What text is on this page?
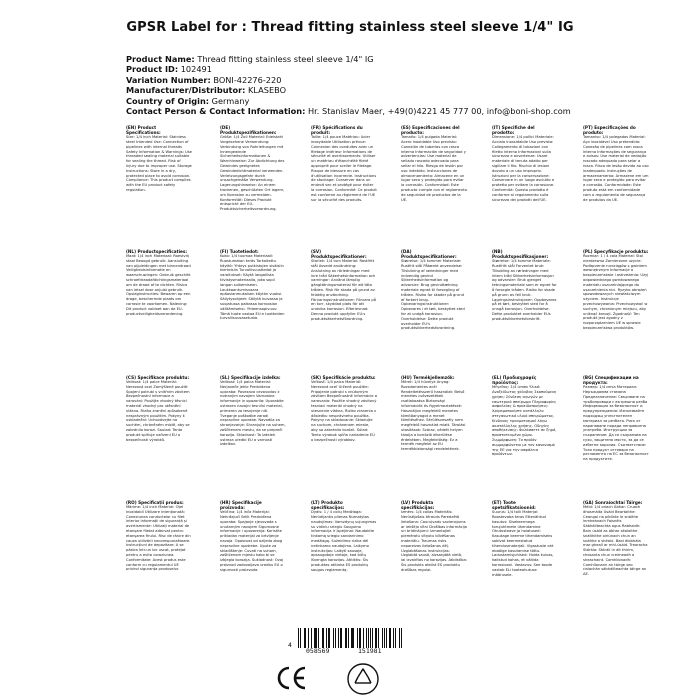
GPSR Label for : Thread fitting stainless steel sleeve 1/4" IG
Product Name: Thread fitting stainless steel sleeve 1/4" IG
Product ID: 102491
Variation Number: BONI-42276-220
Manufacturer/Distributor: KLASEBO
Country of Origin: Germany
Contact Person & Contact Information: Hr. Stanislav Maer, +49(0)4221 45 777 00, info@boni-shop.com
(EN) Product Specifications:
Size: 1/4 inch Material: Stainless steel Intended Use: Connection of pipelines with internal threads Safety Information & Warnings: Use threaded sealing material suitable for sealing the thread. Risk of injury due to improper use. Storage Instructions: Store in a dry, protected place to avoid corrosion. Compliance: This product complies with the EU product safety regulation.
(DE) Produktspezifikationen:
Größe: 1/4 Zoll Material: Edelstahl Vorgesehene Verwendung: Verbindung von Rohrleitungen mit Innengewinde Sicherheitsinformationen & Warnhinweise: Zur Abdichtung des Gewindes geeignetes Gewindedichtmaterial verwenden. Verletzungsgefahr durch unsachgemäße Verwendung. Lagerungshinweise: An einem trockenen, geschützten Ort lagern, um Korrosion zu vermeiden. Konformität: Dieses Produkt entspricht der EU-Produktsicherheitsverordnung.
(FR) Spécifications du produit:
Taille: 1/4 pouce Matériau: Acier inoxydable Utilisation prévue: Connexion des conduites avec un filetage intérieur Informations de sécurité et avertissements: Utiliser un matériau d'étanchéité fileté approprié pour sceller le filetage. Risque de blessure en cas d'utilisation incorrecte. Instructions de stockage: Conserver dans un endroit sec et protégé pour éviter la corrosion. Conformité: Ce produit est conforme au règlement de l'UE sur la sécurité des produits.
(ES) Especificaciones del producto:
Tamaño: 1/4 pulgada Material: Acero inoxidable Uso previsto: Conexión de tuberías con rosca interna Información de seguridad y advertencias: Use material de sellado roscado adecuado para sellar el hilo. Riesgo de lesión por uso indebido. Instrucciones de almacenamiento: Almacene en un lugar seco y protegido para evitar la corrosión. Conformidad: Este producto cumple con el reglamento de seguridad de productos de la UE.
(IT) Specifiche del prodotto:
Dimensione: 1/4 pollici Materiale: Acciaio inossidabile Uso previsto: Collegamento di tubazioni con filetto interno Informazioni sulla sicurezza e avvertenze: Usare materiale di tenuta adatto per sigillare il filo. Rischio di lesioni dovuto a un uso improprio. Istruzioni per la conservazione: Conservare in un luogo asciutto e protetto per evitare la corrosione. Conformità: Questo prodotto è conforme al regolamento sulla sicurezza dei prodotti dell'UE.
(PT) Especificações do produto:
Tamanho: 1/4 polegadas Material: Aço inoxidável Uso pretendido: Conexão de pipelines com rosca interna Informações de segurança e avisos: Use material de vedação roscado adequado para selar a rosca. Risco de lesão devido ao uso inadequado. Instruções de armazenamento: Armazene em um lugar seco e protegido para evitar a corrosão. Conformidade: Este produto está em conformidade com o regulamento de segurança de produtos da UE.
(NL) Productspecificaties:
Maat: 1/4 inch Materiaal: Roestvrij staal Beoogd gebruik: Aansluiting van pijpleidingen met binnendraad Veiligheidsinformatie en waarschuwingen: Gebruik geschikt schroefdraadafdichtingsmateriaal om de draad af te dichten. Risico van letsel door onjuist gebruik. Opslaginstructies: Bewaren op een droge, beschermde plaats om corrosie te voorkomen. Naleving: Dit product voldoet aan de EU-productveiligheidsverordening.
(FI) Tuotetiedot:
Koko: 1/4 tuumaa Materiaali: Ruostumaton teräs Tarkoitettu käyttö: Yhteys putkistojen sisäisiin kierteisiin Turvallisuustiedot ja varoitukset: Käytä langallista tiivistysmateriaalia, joka sopii langan sulkemiseen. Loukkaantumisvaara epäasianmukaisen käytön vuoksi. Säilytysohjeet: Säilytä kuivassa ja suojatussa paikassa korroosion välttämiseksi. Yhteensopivuus: Tämä tuote vastaa EU:n tuotteiden turvallisuusasetusta.
(SV) Produktspecifikationer:
Storlek: 1/4 tum Material: Rostfritt stål Avsedd användning: Anslutning av rörledningar med inre tråd Säkerhetsinformation och varningar: Använd lämplig gängtätningsmaterial för att täta tråden. Risk för skada på grund av felaktig användning. Förvaringsinstruktioner: Förvara på en torr, skyddad plats för att undvika korrosion. Efterlevnad: Denna produkt uppfyller EU:s produktsäkerhetsförordning.
(DA) Produktspecifikationer:
Størrelse: 1/4 tommer Materiale: Rustfrit stål Påtænkt anvendelse: Tilslutning af rørledninger med indvendig gevind Sikkerhedsinformation og advarsler: Brug gevindtætning materiale egnet til forsegling af tråden. Risiko for skader på grund af forkert brug. Opbevaringsinstruktioner: Opbevares i et tørt, beskyttet sted for at undgå korrosion. Overholdelse: Dette produkt overholder EU's produktsikkerhedsforordning.
(NB) Produktspesifikasjoner:
Størrelse: 1/4 tomme Materiale: Rustfritt stål Forventet bruk: Tilkobling av rørledninger med intern tråd Sikkerhetsinformasjon og advarsler: Bruk gjenget tetningsmateriale som er egnet for å forsegle tråden. Risiko for skade på grunn av feil bruk. Lagringsinstruksjoner: Oppbevares på et tørt, beskyttet sted for å unngå korrosjon. Overholdelse: Dette produktet overholder EUs produktsikkerhetsforskrift.
(PL) Specyfikacje produktu:
Rozmiar: 1 / 4 cala Materiał: Stal nierdzewna Zamierzone użycie: Podłączenie rurociągów z gwintem wewnętrznym Informacje o bezpieczeństwie i ostrzeżenia: Użyj odpowiedniego gwintowanego materiału uszczelniającego do uszczelnienia nici. Ryzyko obrażeń spowodowanych niewłaściwym użyciem. Instrukcje przechowywania: Przechowywać w suchym, chronionym miejscu, aby uniknąć korozji. Zgodność: Ten produkt jest zgodny z rozporządzeniem UE w sprawie bezpieczeństwa produktów.
(CS) Specifikace produktu:
Velikost: 1/4 palce Materiál: Nerezová ocel Zamýšlené použití: Spojení potrubí s vnitřním závitem Bezpečnostní informace a varování: Použijte vhodný těsnicí materiál vhodný pro utěsnění vlákna. Riziko zranění způsobené nesprávným použitím. Pokyny k uskladnění: Uchovávejte na suchém, chráněném místě, aby se zabránilo korozi. Soulad: Tento produkt splňuje nařízení EU o bezpečnosti výrobků.
(SL) Specifikacije izdelka:
Velikost: 1/4 palca Material: Nerjaveče jeklo Predvidena uporaba: Povezava cevovodov z notranjim navojem Varnostne informacije in opozorila: Uporabite ustrezen navojni tesnilni material, primeren za tesnjenje niti. Tveganje poškodbe zaradi nepravilne uporabe. Navodila za shranjevanje: Shranjujte na suhem, zaščitenem mestu, da se prepreči korozija. Skladnost: Ta izdelek ustreza uredbi EU o varnosti izdelkov.
(SK) Špecifikácie produktu:
Veľkosť: 1/4 palca Materiál: Nerezová oceľ Určené použitie: Pripojenie potrubí s vnútorným závitom Bezpečnostné informácie a varovania: Použite vhodný závitový tesniaci materiál vhodný na utesnenie vlákna. Riziko zranenia v dôsledku nesprávneho použitia. Pokyny na skladovanie: Skladujte na suchom, chránenom mieste, aby sa zabránilo korózii. Súlad: Tento výrobok spĺňa nariadenie EÚ o bezpečnosti výrobkov.
(HU) Termékjellemzők:
Méret: 1/4 hüvelyk Anyag: Rozsdamentes acél Rendeltetésszerű használat: Belső menetes csővezetékek csatlakozása Biztonsági információk és figyelmeztetések: Használjon megfelelő menetes tömítőanyagot a menet tömítéséhez. Sérülésveszély nem megfelelő használat miatt. Tárolási utasítások: Száraz, védett helyen tárolja a korrózió elkerülése érdekében. Megfelelőség: Ez a termék megfelel az EU termékbiztonsági rendeletének.
(EL) Προδιαγραφές προϊόντος:
Μέγεθος: 1/4 ίντσα Υλικό: Ανοξείδωτος χάλυβας Σκοπούμενη χρήση: Σύνδεση αγωγών με εσωτερικό σπείρωμα Πληροφορίες ασφαλείας & προειδοποιήσεις: Χρησιμοποιήστε κατάλληλο στεγανωτικό υλικό σπειρώματος. Κίνδυνος τραυματισμού λόγω ακατάλληλης χρήσης. Οδηγίες αποθήκευσης: Φυλάσσετε σε ξηρό, προστατευμένο χώρο. Συμμόρφωση: Το προϊόν συμμορφώνεται με τον κανονισμό της ΕΕ για την ασφάλεια προϊόντων.
(BG) Спецификации на продукта:
Размер: 1/4 инча Материал: Неръждаема стомана Предназначение: Свързване на тръбопроводи с вътрешна резба Информация за безопасност и предупреждения: Използвайте подходящ уплътнителен материал за резбата. Риск от нараняване поради неправилна употреба. Инструкции за съхранение: Да се съхранява на сухо, защитено място, за да се избегне корозия. Съответствие: Този продукт отговаря на регламента на ЕС за безопасност на продуктите.
(RO) Specificații produs:
Mărime: 1/4 inch Material: Oțel inoxidabil Utilizare intenționată: Conexiunea conductelor cu filet interior Informații de siguranță și avertismente: Utilizați material de etanșare filetat adecvat pentru etanșarea firului. Risc de rănire din cauza utilizării necorespunzătoare. Instrucțiuni de depozitare: A se păstra într-un loc uscat, protejat pentru a evita coroziunea. Conformitate: Acest produs este conform cu regulamentul UE privind siguranța produselor.
(HR) Specifikacije proizvoda:
Veličina: 1/4 inča Materijal: Nehrđajući čelik Predviđena uporaba: Spajanje cjevovoda s unutarnjim navojem Sigurnosne informacije i upozorenja: Koristite prikladan materijal za brtvljenje navoja. Opasnost od ozljeda zbog nepravilne upotrebe. Upute za skladištenje: Čuvati na suhom, zaštićenom mjestu kako bi se izbjegla korozija. Sukladnost: Ovaj proizvod zadovoljava uredbu EU o sigurnosti proizvoda.
(LT) Produkto specifikacijos:
Dydis: 1 / 4 colių Medžiaga: Nerūdijantis plienas Numatytas naudojimas: Vamzdynų sujungimas su vidiniu sriegiu Saugumo informacija ir įspėjimai: Naudokite tinkamą sriegio sandarinimo medžiagą. Sužeidimo rizika dėl netinkamo naudojimo. Laikymo instrukcijos: Laikyti sausoje, apsaugotoje vietoje, kad būtų išvengta korozijos. Atitiktis: Šis produktas atitinka ES produktų saugos reglamentą.
(LV) Produkta specifikācijas:
Izmērs: 1/4 collas Materiāls: Nerūsējošais tērauds Paredzētā lietošana: Cauruļvadu savienojums ar iekšējo vītni Drošības informācija un brīdinājumi: Izmantojiet piemērotu vītņotu blīvēšanas materiālu. Traumas risks nepareizas lietošanas dēļ. Uzglabāšanas instrukcijas: Uzglabāt sausā, aizsargātā vietā, lai izvairītos no korozijas. Atbilstība: Šis produkts atbilst ES produktu drošības regulai.
(ET) Toote spetsifikatsioonid:
Suurus: 1/4 tolli Materjal: Roostevaba teras Ettenähtud kasutus: Sisekeermega torujuhtmete ühendamine Ohutusteave ja hoiatused: Kasutage keerme tihendamiseks sobivat keermestatud tihendusmaterjali. Vigastuste oht ebaõige kasutamise tõttu. Ladustamisjuhised: Hoida kuivas, kaitstud kohas, et vältida korrosiooni. Vastavus: See toode vastab ELi tooteohutuse määrusele.
(GA) Sonraíochtaí Táirge:
Méid: 1/4 orlach Ábhar: Cruach dhosmálta Úsáid Beartaithe: Ceangal na píblínte le snáithe inmheánach Faisnéis Sábháilteachta agus Rabhaidh: Bain úsáid as ábhar séalaithe snáithithe oiriúnach chun an snáithe a shéalú. Baol díobhála mar gheall ar mhí-úsáid. Treoracha Stórála: Stóráil in áit thirim, chosanta chun creimeadh a sheachaint. Comhlíonadh: Comhlíonann an táirge seo rialachán sábháilteachta táirge an AE.
4
058569	151981
